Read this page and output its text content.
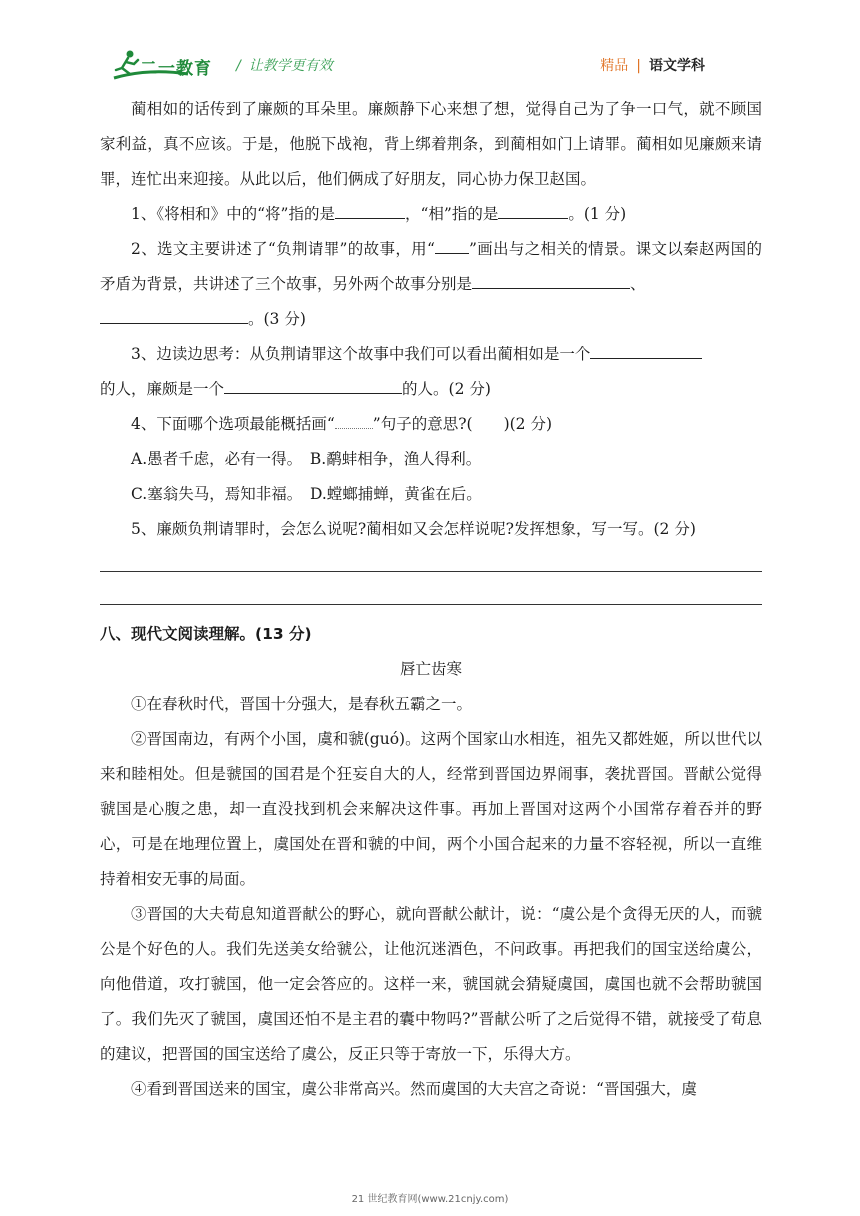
二一教育 / 让教学更有效	精品 | 语文学科

蔺相如的话传到了廉颇的耳朵里。廉颇静下心来想了想，觉得自己为了争一口气，就不顾国家利益，真不应该。于是，他脱下战袍，背上绑着荆条，到蔺相如门上请罪。蔺相如见廉颇来请罪，连忙出来迎接。从此以后，他们俩成了好朋友，同心协力保卫赵国。

1、《将相和》中的“将”指的是	，“相”指的是	。(1 分)

2、选文主要讲述了“负荆请罪”的故事，用“ ”画出与之相关的情景。课文以秦赵两国的矛盾为背景，共讲述了三个故事，另外两个故事分别是	、
。(3 分)

3、边读边思考：从负荆请罪这个故事中我们可以看出蔺相如是一个
的人，廉颇是一个	的人。(2 分)

4、下面哪个选项最能概括画“ ”句子的意思?(　　)(2 分)

A.愚者千虑，必有一得。　B.鹬蚌相争，渔人得利。

C.塞翁失马，焉知非福。　D.螳螂捕蝉，黄雀在后。

5、廉颇负荆请罪时，会怎么说呢?蔺相如又会怎样说呢?发挥想象，写一写。(2 分)

八、现代文阅读理解。(13 分)

唇亡齿寒

①在春秋时代，晋国十分强大，是春秋五霸之一。

②晋国南边，有两个小国，虞和虢(guó)。这两个国家山水相连，祖先又都姓姬，所以世代以来和睦相处。但是虢国的国君是个狂妄自大的人，经常到晋国边界闹事，袭扰晋国。晋献公觉得虢国是心腹之患，却一直没找到机会来解决这件事。再加上晋国对这两个小国常存着吞并的野心，可是在地理位置上，虞国处在晋和虢的中间，两个小国合起来的力量不容轻视，所以一直维持着相安无事的局面。

③晋国的大夫荀息知道晋献公的野心，就向晋献公献计，说：“虞公是个贪得无厌的人，而虢公是个好色的人。我们先送美女给虢公，让他沉迷酒色，不问政事。再把我们的国宝送给虞公，向他借道，攻打虢国，他一定会答应的。这样一来，虢国就会猜疑虞国，虞国也就不会帮助虢国了。我们先灭了虢国，虞国还怕不是主君的囊中物吗?”晋献公听了之后觉得不错，就接受了荀息的建议，把晋国的国宝送给了虞公，反正只等于寄放一下，乐得大方。

④看到晋国送来的国宝，虞公非常高兴。然而虞国的大夫宫之奇说：“晋国强大，虞

21 世纪教育网(www.21cnjy.com)
